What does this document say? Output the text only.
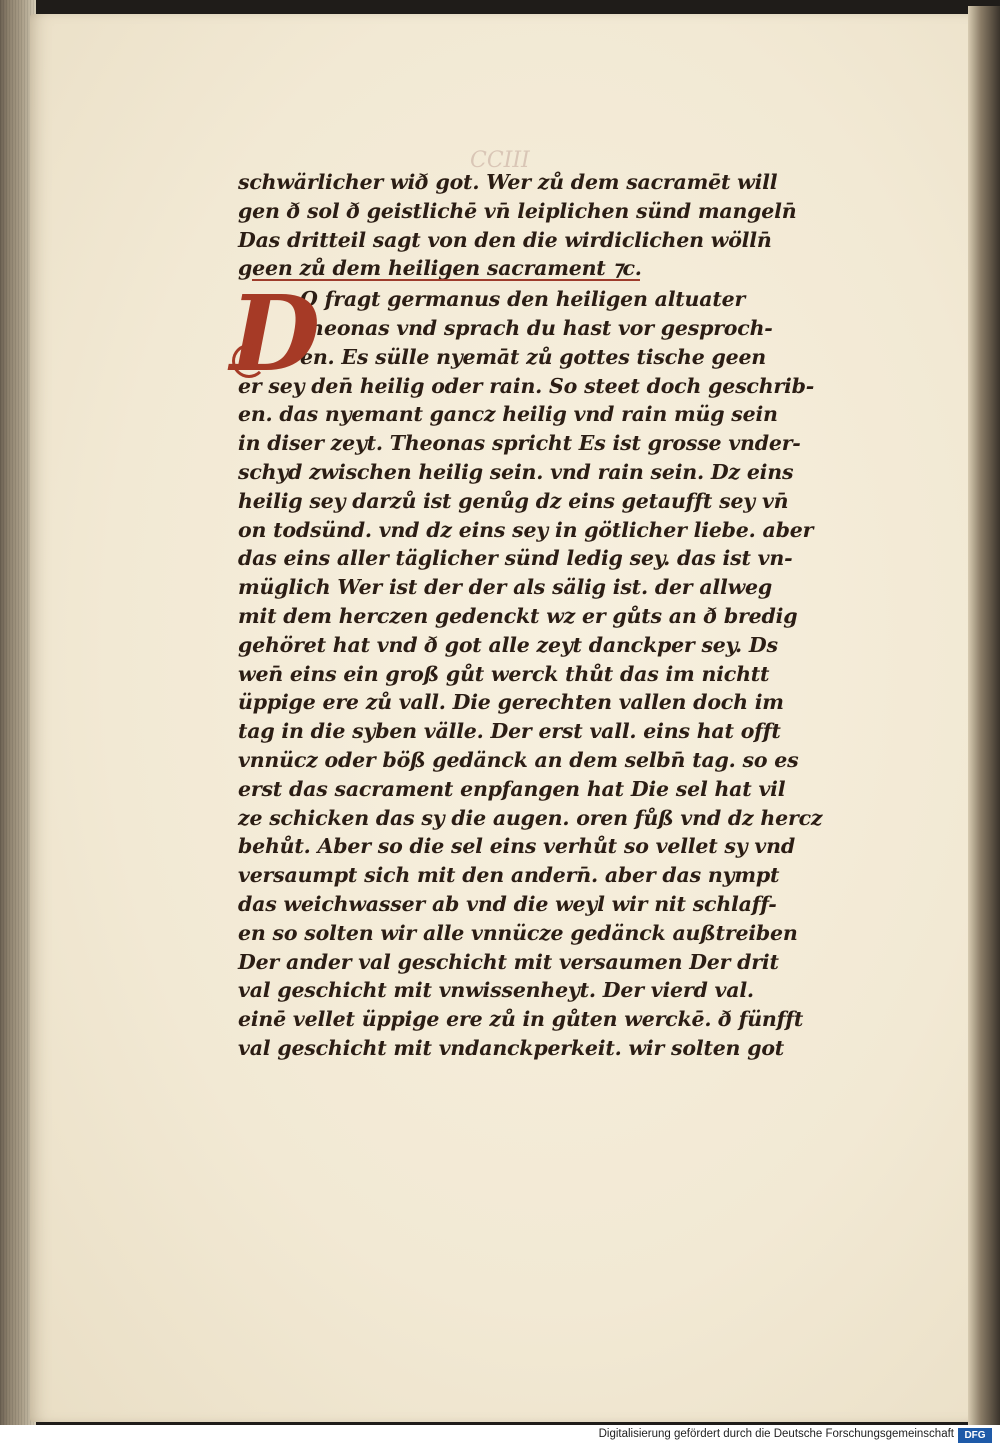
CCIII
D
schwärlicher wið got. Wer zů dem sacramēt will
gen ð sol ð geistlichē vn̄ leiplichen sünd mangeln̄
Das dritteil sagt von den die wirdiclichen wölln̄
geen zů dem heiligen sacrament ⁊c.
O fragt germanus den heiligen altuater
theonas vnd sprach du hast vor gesproch-
en. Es sülle nyemāt zů gottes tische geen
er sey den̄ heilig oder rain. So steet doch geschrib-
en. das nyemant gancz heilig vnd rain müg sein
in diser zeyt. Theonas spricht Es ist grosse vnder-
schyd zwischen heilig sein. vnd rain sein. Dz eins
heilig sey darzů ist genůg dz eins getaufft sey vn̄
on todsünd. vnd dz eins sey in götlicher liebe. aber
das eins aller täglicher sünd ledig sey. das ist vn-
müglich Wer ist der der als sälig ist. der allweg
mit dem herczen gedenckt wz er gůts an ð bredig
gehöret hat vnd ð got alle zeyt danckper sey. Ds
wen̄ eins ein groß gůt werck thůt das im nichtt
üppige ere zů vall. Die gerechten vallen doch im
tag in die syben välle. Der erst vall. eins hat offt
vnnücz oder böß gedänck an dem selbn̄ tag. so es
erst das sacrament enpfangen hat Die sel hat vil
ze schicken das sy die augen. oren fůß vnd dz hercz
behůt. Aber so die sel eins verhůt so vellet sy vnd
versaumpt sich mit den andern̄. aber das nympt
das weichwasser ab vnd die weyl wir nit schlaff-
en so solten wir alle vnnücze gedänck außtreiben
Der ander val geschicht mit versaumen Der drit
val geschicht mit vnwissenheyt. Der vierd val.
einē vellet üppige ere zů in gůten werckē. ð fünfft
val geschicht mit vndanckperkeit. wir solten got
Digitalisierung gefördert durch die Deutsche Forschungsgemeinschaft	DFG
